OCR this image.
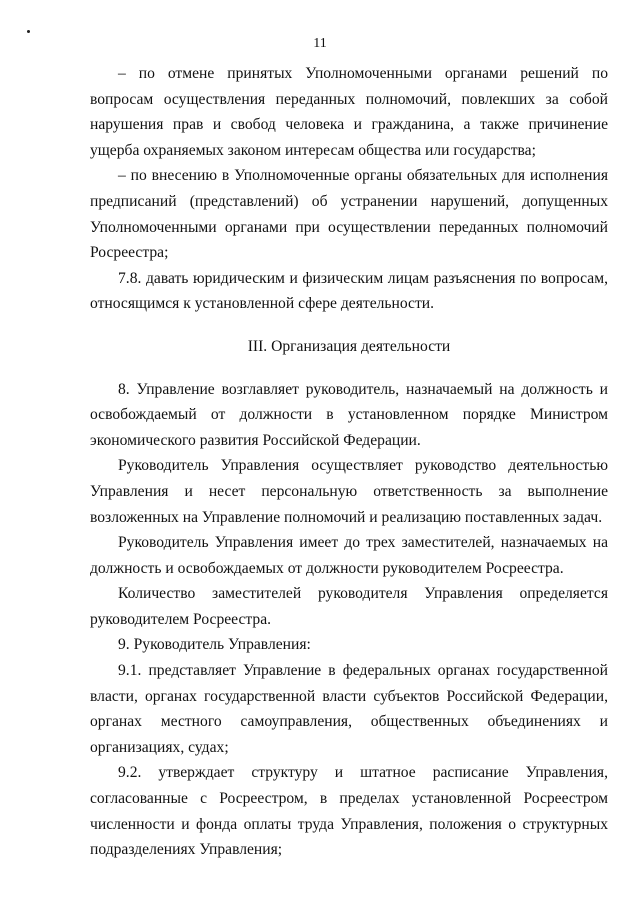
11

– по отмене принятых Уполномоченными органами решений по вопросам осуществления переданных полномочий, повлекших за собой нарушения прав и свобод человека и гражданина, а также причинение ущерба охраняемых законом интересам общества или государства;

– по внесению в Уполномоченные органы обязательных для исполнения предписаний (представлений) об устранении нарушений, допущенных Уполномоченными органами при осуществлении переданных полномочий Росреестра;

7.8. давать юридическим и физическим лицам разъяснения по вопросам, относящимся к установленной сфере деятельности.

III. Организация деятельности

8. Управление возглавляет руководитель, назначаемый на должность и освобождаемый от должности в установленном порядке Министром экономического развития Российской Федерации.

Руководитель Управления осуществляет руководство деятельностью Управления и несет персональную ответственность за выполнение возложенных на Управление полномочий и реализацию поставленных задач.

Руководитель Управления имеет до трех заместителей, назначаемых на должность и освобождаемых от должности руководителем Росреестра.

Количество заместителей руководителя Управления определяется руководителем Росреестра.

9. Руководитель Управления:

9.1. представляет Управление в федеральных органах государственной власти, органах государственной власти субъектов Российской Федерации, органах местного самоуправления, общественных объединениях и организациях, судах;

9.2. утверждает структуру и штатное расписание Управления, согласованные с Росреестром, в пределах установленной Росреестром численности и фонда оплаты труда Управления, положения о структурных подразделениях Управления;
